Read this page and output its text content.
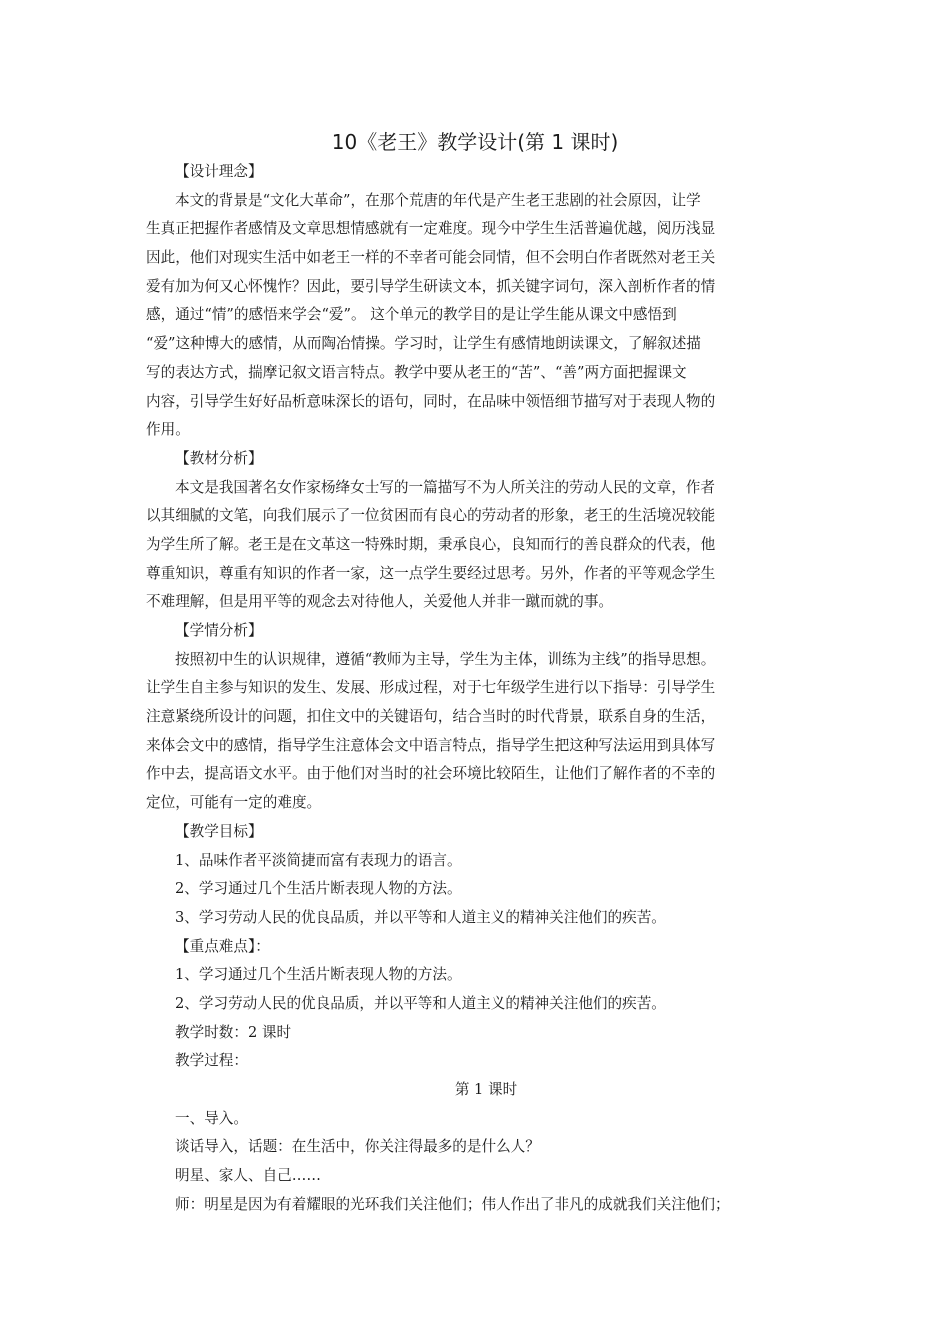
10《老王》教学设计(第 1 课时)
【设计理念】
本文的背景是“文化大革命”，在那个荒唐的年代是产生老王悲剧的社会原因，让学
生真正把握作者感情及文章思想情感就有一定难度。现今中学生生活普遍优越，阅历浅显
因此，他们对现实生活中如老王一样的不幸者可能会同情，但不会明白作者既然对老王关
爱有加为何又心怀愧怍？因此，要引导学生研读文本，抓关键字词句，深入剖析作者的情
感，通过“情”的感悟来学会“爱”。 这个单元的教学目的是让学生能从课文中感悟到
“爱”这种博大的感情，从而陶冶情操。学习时，让学生有感情地朗读课文，了解叙述描
写的表达方式，揣摩记叙文语言特点。教学中要从老王的“苦”、“善”两方面把握课文
内容，引导学生好好品析意味深长的语句，同时，在品味中领悟细节描写对于表现人物的
作用。
【教材分析】
本文是我国著名女作家杨绛女士写的一篇描写不为人所关注的劳动人民的文章，作者
以其细腻的文笔，向我们展示了一位贫困而有良心的劳动者的形象，老王的生活境况较能
为学生所了解。老王是在文革这一特殊时期，秉承良心，良知而行的善良群众的代表，他
尊重知识，尊重有知识的作者一家，这一点学生要经过思考。另外，作者的平等观念学生
不难理解，但是用平等的观念去对待他人，关爱他人并非一蹴而就的事。
【学情分析】
按照初中生的认识规律，遵循“教师为主导，学生为主体，训练为主线”的指导思想。
让学生自主参与知识的发生、发展、形成过程，对于七年级学生进行以下指导：引导学生
注意紧绕所设计的问题，扣住文中的关键语句，结合当时的时代背景，联系自身的生活，
来体会文中的感情，指导学生注意体会文中语言特点，指导学生把这种写法运用到具体写
作中去，提高语文水平。由于他们对当时的社会环境比较陌生，让他们了解作者的不幸的
定位，可能有一定的难度。
【教学目标】
1、品味作者平淡简捷而富有表现力的语言。
2、学习通过几个生活片断表现人物的方法。
3、学习劳动人民的优良品质，并以平等和人道主义的精神关注他们的疾苦。
【重点难点】：
1、学习通过几个生活片断表现人物的方法。
2、学习劳动人民的优良品质，并以平等和人道主义的精神关注他们的疾苦。
教学时数：2 课时
教学过程：
第 1 课时
一、导入。
谈话导入，话题：在生活中，你关注得最多的是什么人？
明星、家人、自己……
师：明星是因为有着耀眼的光环我们关注他们；伟人作出了非凡的成就我们关注他们；
